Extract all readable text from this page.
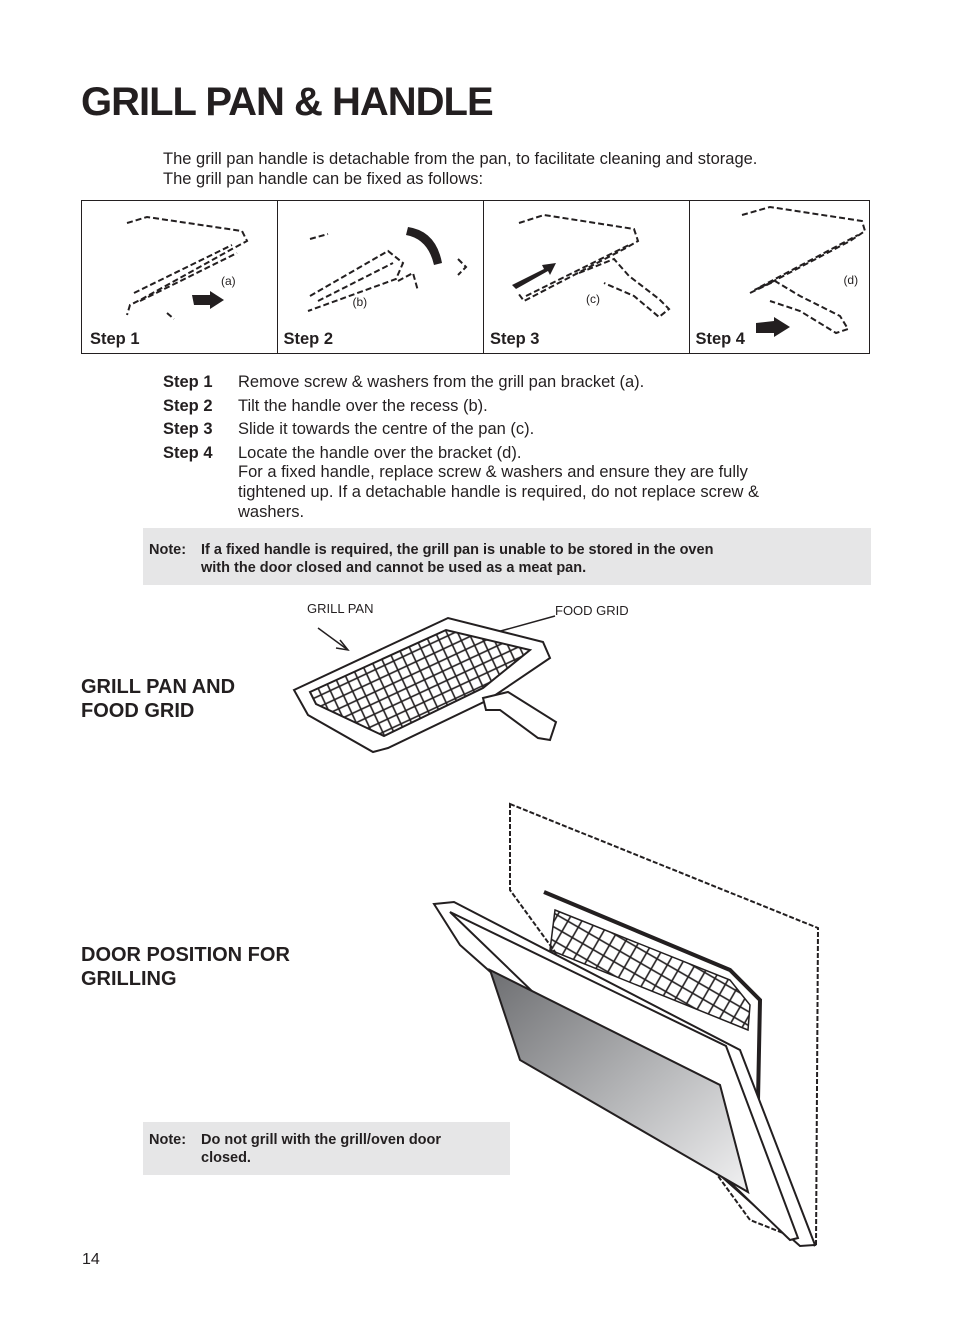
GRILL PAN & HANDLE
The grill pan handle is detachable from the pan, to facilitate cleaning and storage.
The grill pan handle can be fixed as follows:
(a)
Step 1
(b)
Step 2
(c)
Step 3
(d)
Step 4
Step 1	Remove screw & washers from the grill pan bracket (a).
Step 2	Tilt the handle over the recess (b).
Step 3	Slide it towards the centre of the pan (c).
Step 4	Locate the handle over the bracket (d).
For a fixed handle, replace screw & washers and ensure they are fully
tightened up. If a detachable handle is required, do not replace screw &
washers.
Note:	If a fixed handle is required, the grill pan is unable to be stored in the oven
with the door closed and cannot be used as a meat pan.
GRILL PAN AND
FOOD GRID
GRILL PAN	FOOD GRID
DOOR POSITION FOR
GRILLING
Note:	Do not grill with the grill/oven door
closed.
14
